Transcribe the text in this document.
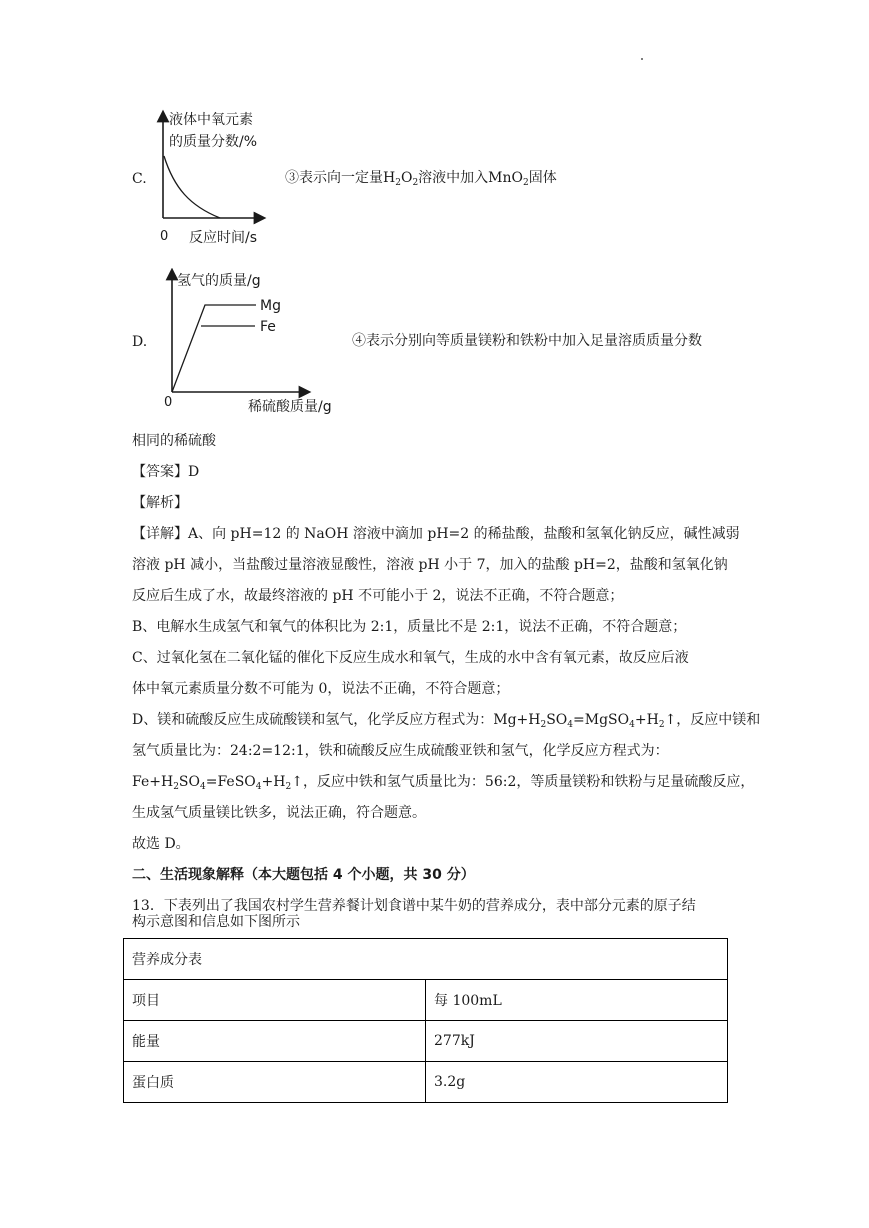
C.
液体中氧元素
的质量分数/%
0 反应时间/s
③表示向一定量$H_2O_2$溶液中加入MnO$_2$固体
D.
氢气的质量/g
Mg
Fe
0	稀硫酸质量/g
④表示分别向等质量镁粉和铁粉中加入足量溶质质量分数
相同的稀硫酸
【答案】D
【解析】
【详解】A、向 pH=12 的 NaOH 溶液中滴加 pH=2 的稀盐酸，盐酸和氢氧化钠反应，碱性减弱
溶液 pH 减小，当盐酸过量溶液显酸性，溶液 pH 小于 7，加入的盐酸 pH=2，盐酸和氢氧化钠
反应后生成了水，故最终溶液的 pH 不可能小于 2，说法不正确，不符合题意；
B、电解水生成氢气和氧气的体积比为 2:1，质量比不是 2:1，说法不正确，不符合题意；
C、过氧化氢在二氧化锰的催化下反应生成水和氧气，生成的水中含有氧元素，故反应后液
体中氧元素质量分数不可能为 0，说法不正确，不符合题意；
D、镁和硫酸反应生成硫酸镁和氢气，化学反应方程式为：$Mg+H_2SO_4=MgSO_4+H_2↑$，反应中镁和
氢气质量比为：24:2=12:1，铁和硫酸反应生成硫酸亚铁和氢气，化学反应方程式为：
$Fe+H_2SO_4=FeSO_4+H_2↑$，反应中铁和氢气质量比为：56:2，等质量镁粉和铁粉与足量硫酸反应，
生成氢气质量镁比铁多，说法正确，符合题意。
故选 D。
二、生活现象解释（本大题包括 4 个小题，共 30 分）
13．下表列出了我国农村学生营养餐计划食谱中某牛奶的营养成分，表中部分元素的原子结
构示意图和信息如下图所示
营养成分表	
项目	每 100mL
能量	277kJ
蛋白质	3.2g
